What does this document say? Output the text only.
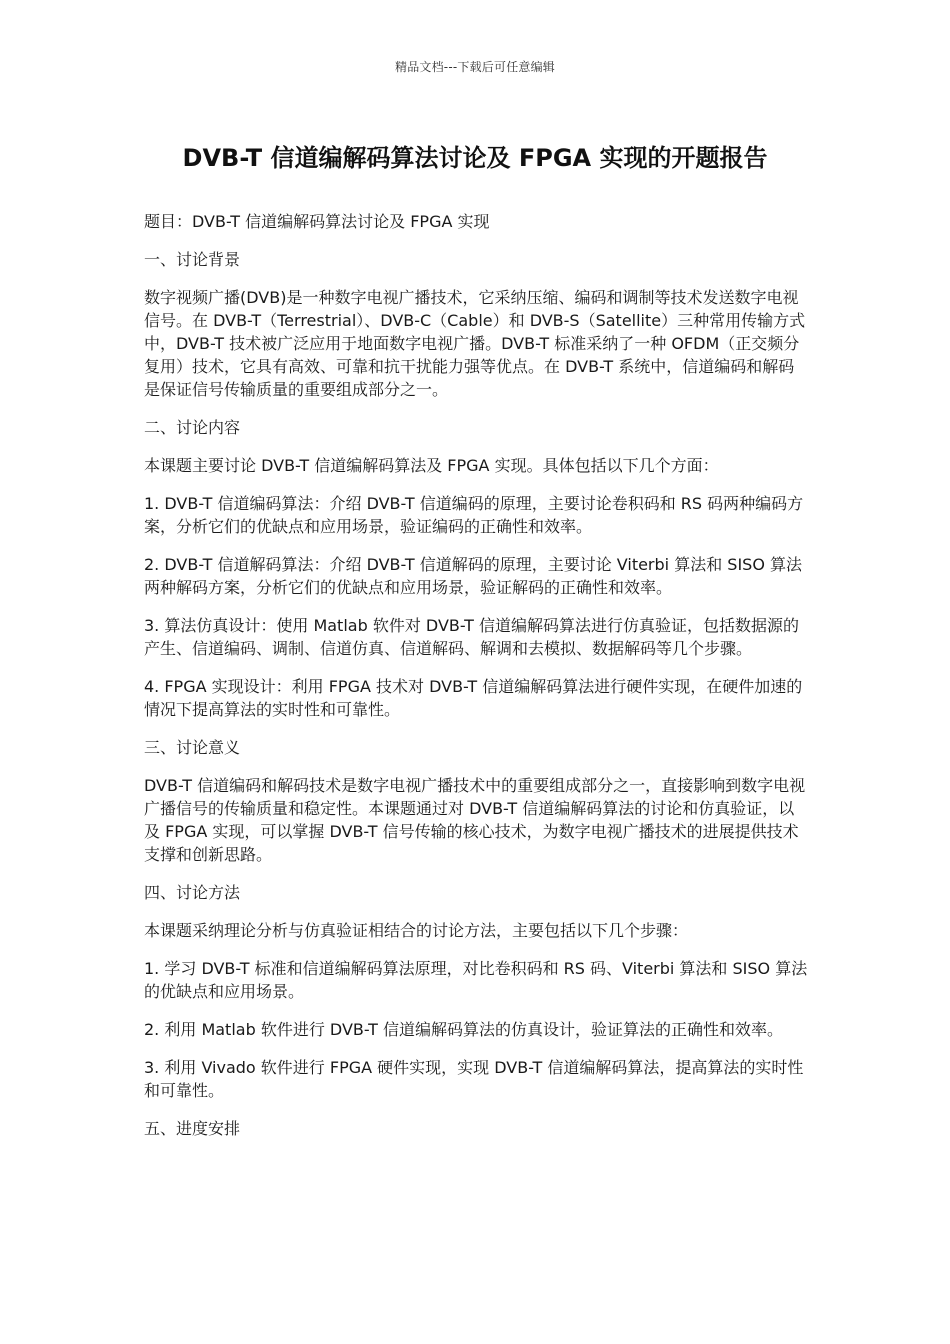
精品文档---下载后可任意编辑
DVB-T 信道编解码算法讨论及 FPGA 实现的开题报告

题目：DVB-T 信道编解码算法讨论及 FPGA 实现

一、讨论背景

数字视频广播(DVB)是一种数字电视广播技术，它采纳压缩、编码和调制等技术发送数字电视信号。在 DVB-T（Terrestrial）、DVB-C（Cable）和 DVB-S（Satellite）三种常用传输方式中，DVB-T 技术被广泛应用于地面数字电视广播。DVB-T 标准采纳了一种 OFDM（正交频分复用）技术，它具有高效、可靠和抗干扰能力强等优点。在 DVB-T 系统中，信道编码和解码是保证信号传输质量的重要组成部分之一。

二、讨论内容

本课题主要讨论 DVB-T 信道编解码算法及 FPGA 实现。具体包括以下几个方面：

1. DVB-T 信道编码算法：介绍 DVB-T 信道编码的原理，主要讨论卷积码和 RS 码两种编码方案，分析它们的优缺点和应用场景，验证编码的正确性和效率。

2. DVB-T 信道解码算法：介绍 DVB-T 信道解码的原理，主要讨论 Viterbi 算法和 SISO 算法两种解码方案，分析它们的优缺点和应用场景，验证解码的正确性和效率。

3. 算法仿真设计：使用 Matlab 软件对 DVB-T 信道编解码算法进行仿真验证，包括数据源的产生、信道编码、调制、信道仿真、信道解码、解调和去模拟、数据解码等几个步骤。

4. FPGA 实现设计：利用 FPGA 技术对 DVB-T 信道编解码算法进行硬件实现，在硬件加速的情况下提高算法的实时性和可靠性。

三、讨论意义

DVB-T 信道编码和解码技术是数字电视广播技术中的重要组成部分之一，直接影响到数字电视广播信号的传输质量和稳定性。本课题通过对 DVB-T 信道编解码算法的讨论和仿真验证，以及 FPGA 实现，可以掌握 DVB-T 信号传输的核心技术，为数字电视广播技术的进展提供技术支撑和创新思路。

四、讨论方法

本课题采纳理论分析与仿真验证相结合的讨论方法，主要包括以下几个步骤：

1. 学习 DVB-T 标准和信道编解码算法原理，对比卷积码和 RS 码、Viterbi 算法和 SISO 算法的优缺点和应用场景。

2. 利用 Matlab 软件进行 DVB-T 信道编解码算法的仿真设计，验证算法的正确性和效率。

3. 利用 Vivado 软件进行 FPGA 硬件实现，实现 DVB-T 信道编解码算法，提高算法的实时性和可靠性。

五、进度安排
